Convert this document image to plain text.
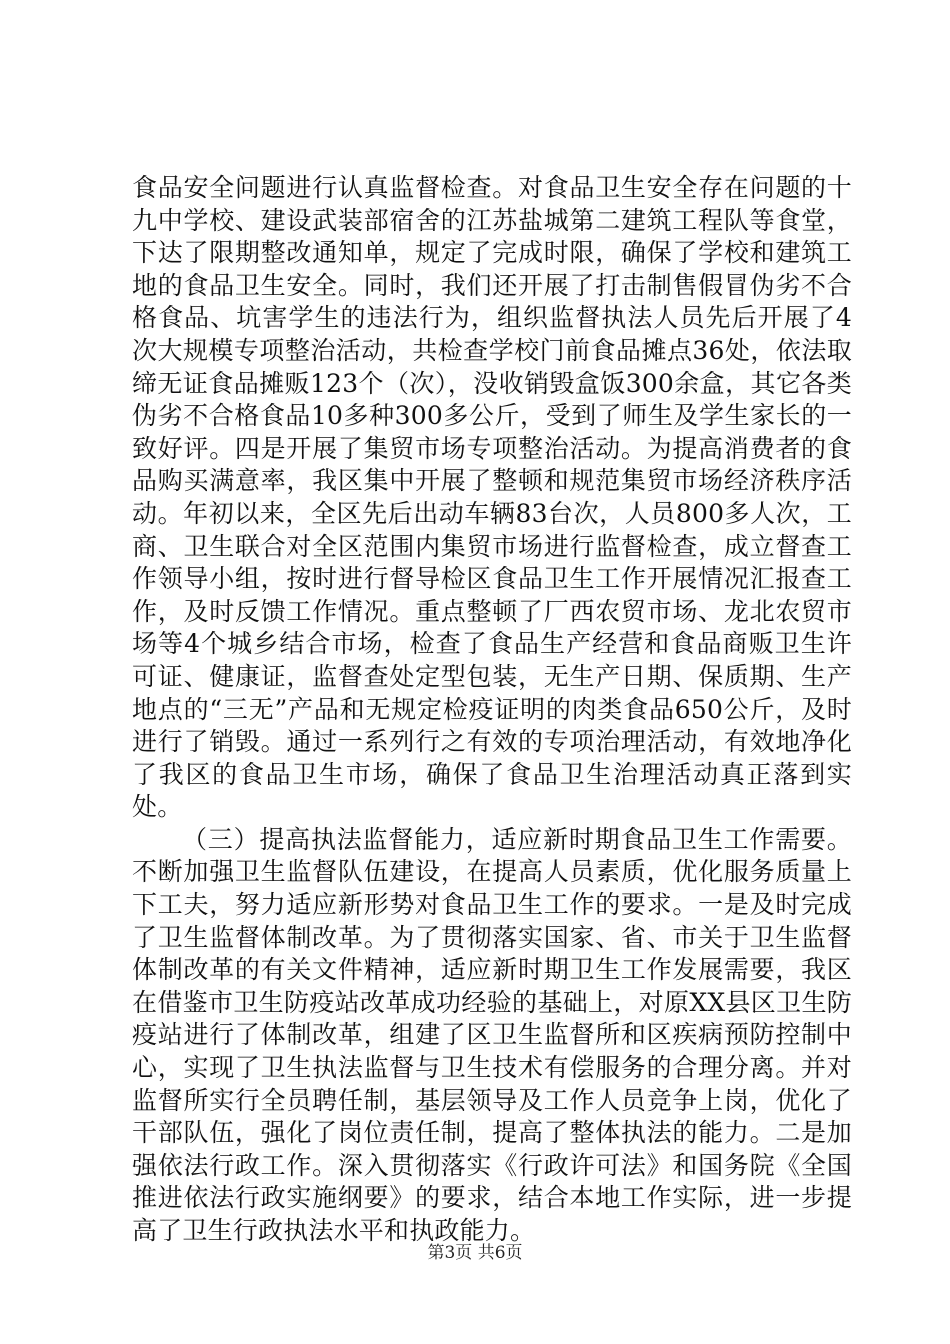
食品安全问题进行认真监督检查。对食品卫生安全存在问题的十九中学校、建设武装部宿舍的江苏盐城第二建筑工程队等食堂，下达了限期整改通知单，规定了完成时限，确保了学校和建筑工地的食品卫生安全。同时，我们还开展了打击制售假冒伪劣不合格食品、坑害学生的违法行为，组织监督执法人员先后开展了4次大规模专项整治活动，共检查学校门前食品摊点36处，依法取缔无证食品摊贩123个（次），没收销毁盒饭300余盒，其它各类伪劣不合格食品10多种300多公斤，受到了师生及学生家长的一致好评。四是开展了集贸市场专项整治活动。为提高消费者的食品购买满意率，我区集中开展了整顿和规范集贸市场经济秩序活动。年初以来，全区先后出动车辆83台次，人员800多人次，工商、卫生联合对全区范围内集贸市场进行监督检查，成立督查工作领导小组，按时进行督导检区食品卫生工作开展情况汇报查工作，及时反馈工作情况。重点整顿了厂西农贸市场、龙北农贸市场等4个城乡结合市场，检查了食品生产经营和食品商贩卫生许可证、健康证，监督查处定型包装，无生产日期、保质期、生产地点的“三无”产品和无规定检疫证明的肉类食品650公斤，及时进行了销毁。通过一系列行之有效的专项治理活动，有效地净化了我区的食品卫生市场，确保了食品卫生治理活动真正落到实处。

（三）提高执法监督能力，适应新时期食品卫生工作需要。不断加强卫生监督队伍建设，在提高人员素质，优化服务质量上下工夫，努力适应新形势对食品卫生工作的要求。一是及时完成了卫生监督体制改革。为了贯彻落实国家、省、市关于卫生监督体制改革的有关文件精神，适应新时期卫生工作发展需要，我区在借鉴市卫生防疫站改革成功经验的基础上，对原XX县区卫生防疫站进行了体制改革，组建了区卫生监督所和区疾病预防控制中心，实现了卫生执法监督与卫生技术有偿服务的合理分离。并对监督所实行全员聘任制，基层领导及工作人员竞争上岗，优化了干部队伍，强化了岗位责任制，提高了整体执法的能力。二是加强依法行政工作。深入贯彻落实《行政许可法》和国务院《全国推进依法行政实施纲要》的要求，结合本地工作实际，进一步提高了卫生行政执法水平和执政能力。

第3页 共6页
